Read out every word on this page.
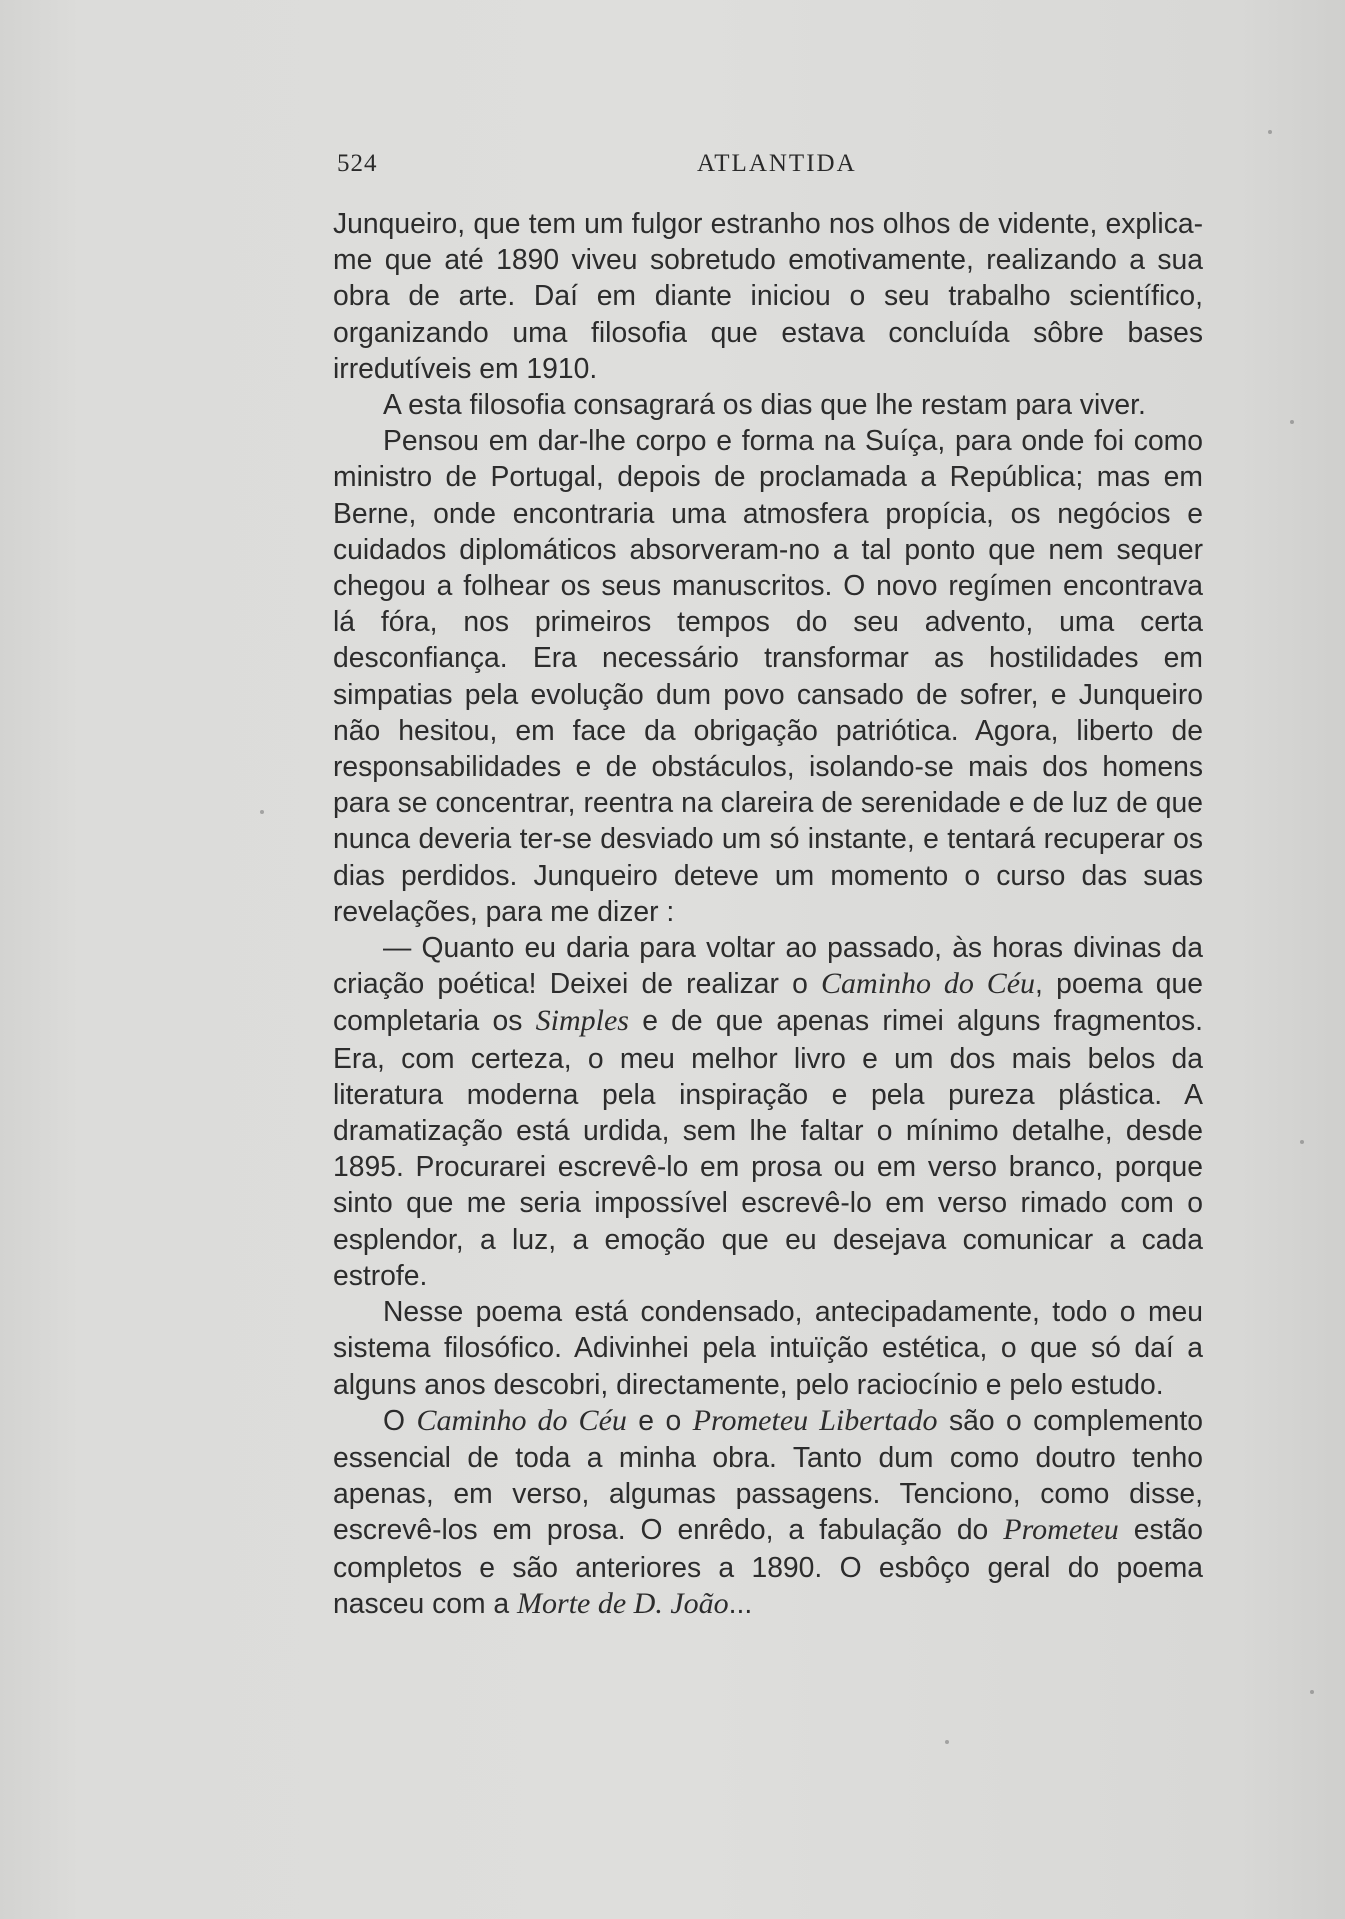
524	ATLANTIDA

Junqueiro, que tem um fulgor estranho nos olhos de vidente, explica-me que até 1890 viveu sobretudo emotivamente, realizando a sua obra de arte. Daí em diante iniciou o seu trabalho scientífico, organizando uma filosofia que estava concluída sôbre bases irredutíveis em 1910.

A esta filosofia consagrará os dias que lhe restam para viver.

Pensou em dar-lhe corpo e forma na Suíça, para onde foi como ministro de Portugal, depois de proclamada a República; mas em Berne, onde encontraria uma atmosfera propícia, os negócios e cuidados diplomáticos absorveram-no a tal ponto que nem sequer chegou a folhear os seus manuscritos. O novo regímen encontrava lá fóra, nos primeiros tempos do seu advento, uma certa desconfiança. Era necessário transformar as hostilidades em simpatias pela evolução dum povo cansado de sofrer, e Junqueiro não hesitou, em face da obrigação patriótica. Agora, liberto de responsabilidades e de obstáculos, isolando-se mais dos homens para se concentrar, reentra na clareira de serenidade e de luz de que nunca deveria ter-se desviado um só instante, e tentará recuperar os dias perdidos. Junqueiro deteve um momento o curso das suas revelações, para me dizer :

— Quanto eu daria para voltar ao passado, às horas divinas da criação poética! Deixei de realizar o Caminho do Céu, poema que completaria os Simples e de que apenas rimei alguns fragmentos. Era, com certeza, o meu melhor livro e um dos mais belos da literatura moderna pela inspiração e pela pureza plástica. A dramatização está urdida, sem lhe faltar o mínimo detalhe, desde 1895. Procurarei escrevê-lo em prosa ou em verso branco, porque sinto que me seria impossível escrevê-lo em verso rimado com o esplendor, a luz, a emoção que eu desejava comunicar a cada estrofe.

Nesse poema está condensado, antecipadamente, todo o meu sistema filosófico. Adivinhei pela intuïção estética, o que só daí a alguns anos descobri, directamente, pelo raciocínio e pelo estudo.

O Caminho do Céu e o Prometeu Libertado são o complemento essencial de toda a minha obra. Tanto dum como doutro tenho apenas, em verso, algumas passagens. Tenciono, como disse, escrevê-los em prosa. O enrêdo, a fabulação do Prometeu estão completos e são anteriores a 1890. O esbôço geral do poema nasceu com a Morte de D. João...
